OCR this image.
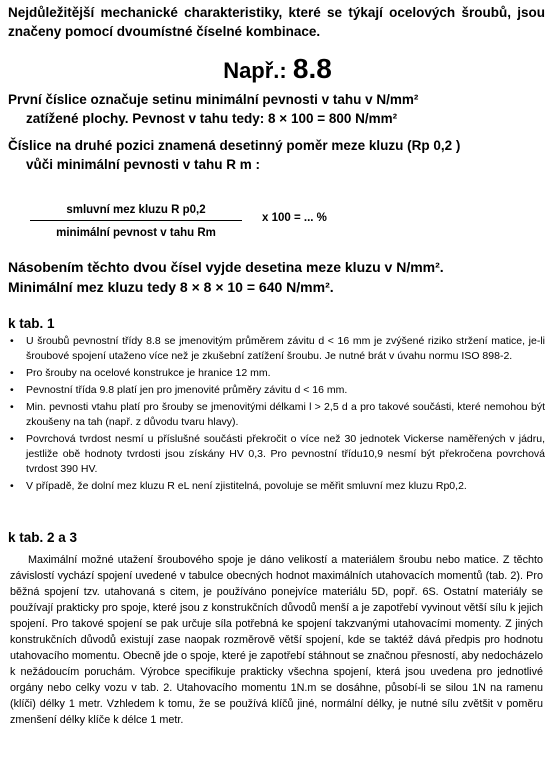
Nejdůležitější mechanické charakteristiky, které se týkají ocelových šroubů, jsou značeny pomocí dvoumístné číselné kombinace.
Např.: 8.8

První číslice označuje setinu minimální pevnosti v tahu v N/mm²

zatížené plochy. Pevnost v tahu tedy: 8 × 100 = 800 N/mm²

Číslice na druhé pozici znamená desetinný poměr meze kluzu (Rp 0,2 )

vůči minimální pevnosti v tahu R m :

smluvní mez kluzu R p0,2
minimální pevnost v tahu Rm
x 100 = ... %

Násobením těchto dvou čísel vyjde desetina meze kluzu v N/mm².

Minimální mez kluzu tedy 8 × 8 × 10 = 640 N/mm².

k tab. 1
• U šroubů pevnostní třídy 8.8 se jmenovitým průměrem závitu d < 16 mm je zvýšené riziko stržení matice, je-li šroubové spojení utaženo více než je zkušební zatížení šroubu. Je nutné brát v úvahu normu ISO 898-2.
• Pro šrouby na ocelové konstrukce je hranice 12 mm.
• Pevnostní třída 9.8 platí jen pro jmenovité průměry závitu d < 16 mm.
• Min. pevnosti vtahu platí pro šrouby se jmenovitými délkami l > 2,5 d a pro takové součásti, které nemohou být zkoušeny na tah (např. z důvodu tvaru hlavy).
• Povrchová tvrdost nesmí u příslušné součásti překročit o více než 30 jednotek Vickerse naměřených v jádru, jestliže obě hodnoty tvrdosti jsou získány HV 0,3. Pro pevnostní třídu10,9 nesmí být překročena povrchová tvrdost 390 HV.
• V případě, že dolní mez kluzu R eL není zjistitelná, povoluje se měřit smluvní mez kluzu Rp0,2.
k tab. 2 a 3
Maximální možné utažení šroubového spoje je dáno velikostí a materiálem šroubu nebo matice. Z těchto závislostí vychází spojení uvedené v tabulce obecných hodnot maximálních utahovacích momentů (tab. 2). Pro běžná spojení tzv. utahovaná s citem, je používáno ponejvíce materiálu 5D, popř. 6S. Ostatní materiály se používají prakticky pro spoje, které jsou z konstrukčních důvodů menší a je zapotřebí vyvinout větší sílu k jejich spojení. Pro takové spojení se pak určuje síla potřebná ke spojení takzvanými utahovacími momenty. Z jiných konstrukčních důvodů existují zase naopak rozměrově větší spojení, kde se taktéž dává předpis pro hodnotu utahovacího momentu. Obecně jde o spoje, které je zapotřebí stáhnout se značnou přesností, aby nedocházelo k nežádoucím poruchám. Výrobce specifikuje prakticky všechna spojení, která jsou uvedena pro jednotlivé orgány nebo celky vozu v tab. 2. Utahovacího momentu 1N.m se dosáhne, působí-li se silou 1N na ramenu (klíči) délky 1 metr. Vzhledem k tomu, že se používá klíčů jiné, normální délky, je nutné sílu zvětšit v poměru zmenšení délky klíče k délce 1 metr.
